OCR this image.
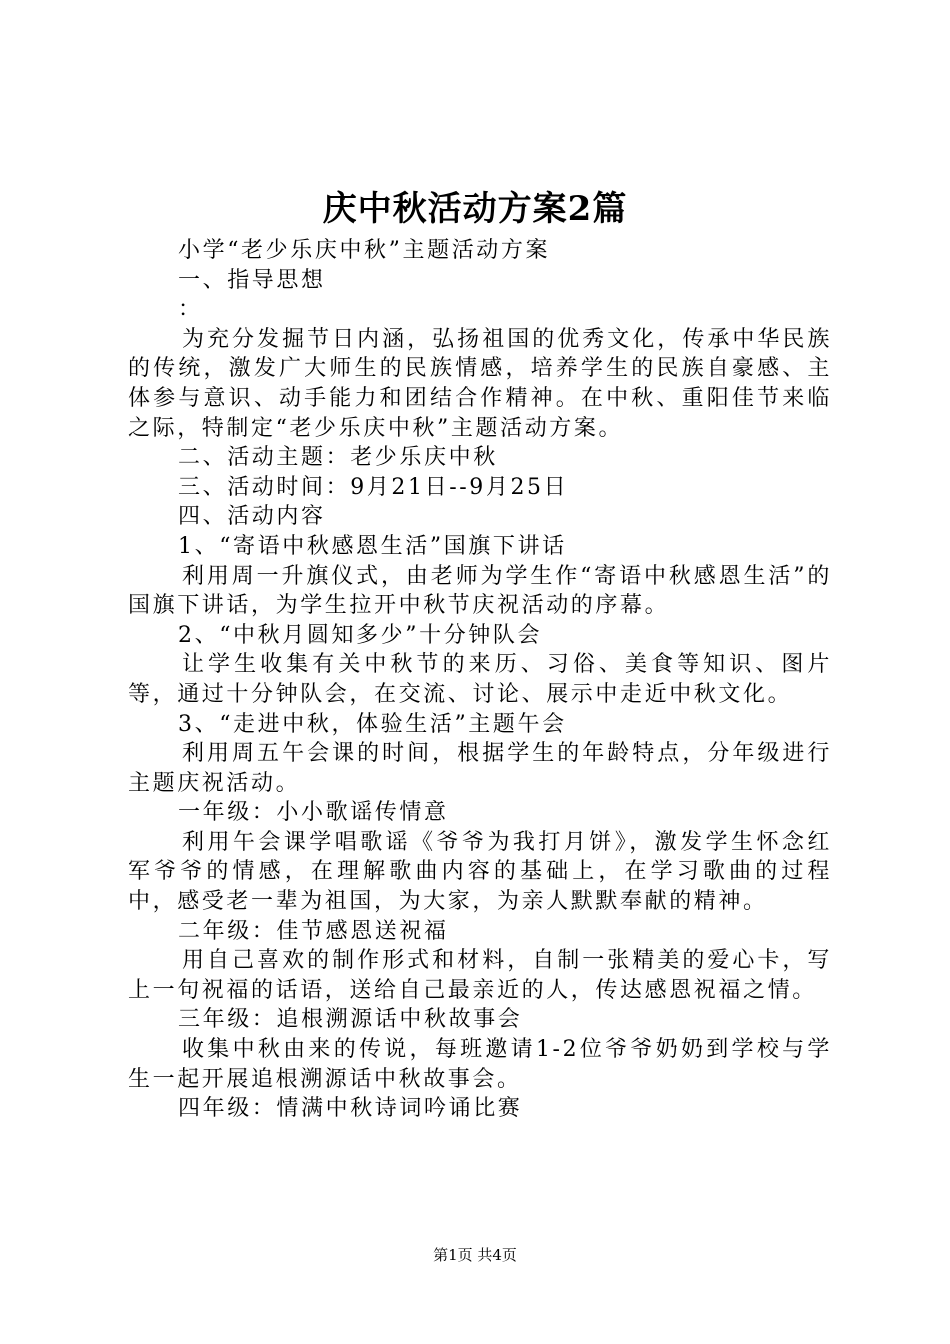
庆中秋活动方案2篇

小学“老少乐庆中秋”主题活动方案

一、指导思想

：

为充分发掘节日内涵，弘扬祖国的优秀文化，传承中华民族的传统，激发广大师生的民族情感，培养学生的民族自豪感、主体参与意识、动手能力和团结合作精神。在中秋、重阳佳节来临之际，特制定“老少乐庆中秋”主题活动方案。

二、活动主题：老少乐庆中秋

三、活动时间：9月21日--9月25日

四、活动内容

1、“寄语中秋感恩生活”国旗下讲话

利用周一升旗仪式，由老师为学生作“寄语中秋感恩生活”的国旗下讲话，为学生拉开中秋节庆祝活动的序幕。

2、“中秋月圆知多少”十分钟队会

让学生收集有关中秋节的来历、习俗、美食等知识、图片等，通过十分钟队会，在交流、讨论、展示中走近中秋文化。

3、“走进中秋，体验生活”主题午会

利用周五午会课的时间，根据学生的年龄特点，分年级进行主题庆祝活动。

一年级：小小歌谣传情意

利用午会课学唱歌谣《爷爷为我打月饼》，激发学生怀念红军爷爷的情感，在理解歌曲内容的基础上，在学习歌曲的过程中，感受老一辈为祖国，为大家，为亲人默默奉献的精神。

二年级：佳节感恩送祝福

用自己喜欢的制作形式和材料，自制一张精美的爱心卡，写上一句祝福的话语，送给自己最亲近的人，传达感恩祝福之情。

三年级：追根溯源话中秋故事会

收集中秋由来的传说，每班邀请1-2位爷爷奶奶到学校与学生一起开展追根溯源话中秋故事会。

四年级：情满中秋诗词吟诵比赛

第1页 共4页
